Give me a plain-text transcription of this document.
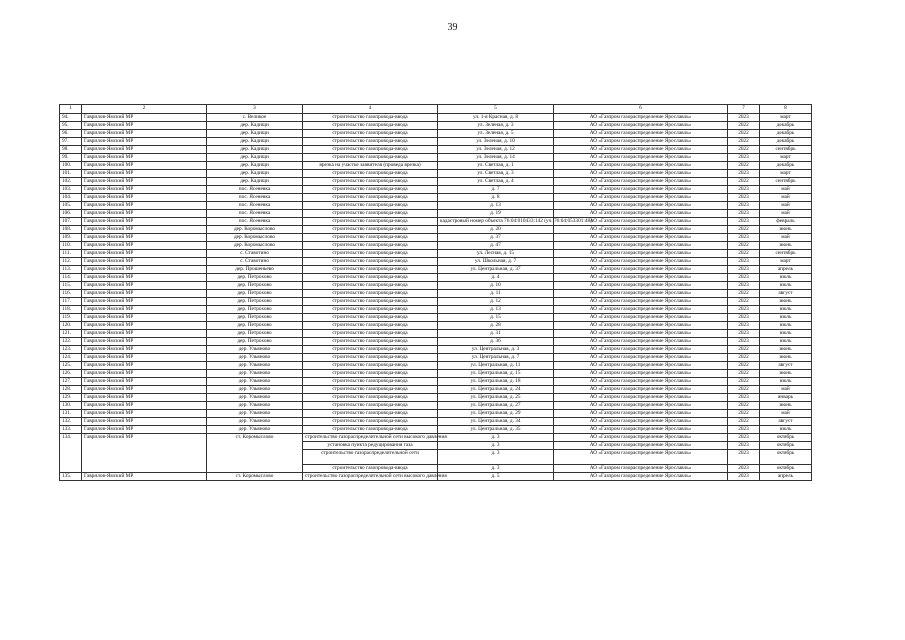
39
1	2	3	4	5	6	7	8
94.	Гаврилов-Ямский МР	с. Великое	строительство газопровода-ввода	ул. 1-я Красная, д. 8	АО «Газпром газораспределение Ярославль»	2023	март
95.	Гаврилов-Ямский МР	дер. Кадищи	строительство газопровода-ввода	ул. Зеленая, д. 3	АО «Газпром газораспределение Ярославль»	2022	декабрь
96.	Гаврилов-Ямский МР	дер. Кадищи	строительство газопровода-ввода	ул. Зеленая, д. 5	АО «Газпром газораспределение Ярославль»	2022	декабрь
97.	Гаврилов-Ямский МР	дер. Кадищи	строительство газопровода-ввода	ул. Зеленая, д. 10	АО «Газпром газораспределение Ярославль»	2022	декабрь
98.	Гаврилов-Ямский МР	дер. Кадищи	строительство газопровода-ввода	ул. Зеленая, д. 12	АО «Газпром газораспределение Ярославль»	2022	сентябрь
99.	Гаврилов-Ямский МР	дер. Кадищи	строительство газопровода-ввода	ул. Зеленая, д. 14	АО «Газпром газораспределение Ярославль»	2023	март
100.	Гаврилов-Ямский МР	дер. Кадищи	врезка на участке заявителя (проведа врезка)	ул. Светлая, д. 1	АО «Газпром газораспределение Ярославль»	2022	декабрь
101.	Гаврилов-Ямский МР	дер. Кадищи	строительство газопровода-ввода	ул. Светлая, д. 3	АО «Газпром газораспределение Ярославль»	2023	март
102.	Гаврилов-Ямский МР	дер. Кадищи	строительство газопровода-ввода	ул. Светлая, д. 4	АО «Газпром газораспределение Ярославль»	2022	сентябрь
103.	Гаврилов-Ямский МР	пос. Ясеневка	строительство газопровода-ввода	д. 7	АО «Газпром газораспределение Ярославль»	2023	май
104.	Гаврилов-Ямский МР	пос. Ясеневка	строительство газопровода-ввода	д. 8	АО «Газпром газораспределение Ярославль»	2023	май
105.	Гаврилов-Ямский МР	пос. Ясеневка	строительство газопровода-ввода	д. 13	АО «Газпром газораспределение Ярославль»	2023	май
106.	Гаврилов-Ямский МР	пос. Ясеневка	строительство газопровода-ввода	д. 19	АО «Газпром газораспределение Ярославль»	2023	май
107.	Гаврилов-Ямский МР	пос. Ясеневка	строительство газопровода-ввода	кадастровый номер объекта 76:04:010433:142 (уч. 76:04:053301:48)	АО «Газпром газораспределение Ярославль»	2023	февраль
108.	Гаврилов-Ямский МР	дер. Коромыслово	строительство газопровода-ввода	д. 20	АО «Газпром газораспределение Ярославль»	2022	июнь
109.	Гаврилов-Ямский МР	дер. Коромыслово	строительство газопровода-ввода	д. 37	АО «Газпром газораспределение Ярославль»	2023	май
110.	Гаврилов-Ямский МР	дер. Коромыслово	строительство газопровода-ввода	д. 47	АО «Газпром газораспределение Ярославль»	2022	июнь
111.	Гаврилов-Ямский МР	с. Ставотино	строительство газопровода-ввода	ул. Лесная, д. 15	АО «Газпром газораспределение Ярославль»	2022	сентябрь
112.	Гаврилов-Ямский МР	с. Ставотино	строительство газопровода-ввода	ул. Школьная, д. 7	АО «Газпром газораспределение Ярославль»	2023	март
113.	Гаврилов-Ямский МР	дер. Прошеньево	строительство газопровода-ввода	ул. Центральная, д. 37	АО «Газпром газораспределение Ярославль»	2023	апрель
114.	Гаврилов-Ямский МР	дер. Петрохово	строительство газопровода-ввода	д. 4	АО «Газпром газораспределение Ярославль»	2023	июль
115.	Гаврилов-Ямский МР	дер. Петрохово	строительство газопровода-ввода	д. 10	АО «Газпром газораспределение Ярославль»	2023	июль
116.	Гаврилов-Ямский МР	дер. Петрохово	строительство газопровода-ввода	д. 11	АО «Газпром газораспределение Ярославль»	2022	август
117.	Гаврилов-Ямский МР	дер. Петрохово	строительство газопровода-ввода	д. 12	АО «Газпром газораспределение Ярославль»	2022	июнь
118.	Гаврилов-Ямский МР	дер. Петрохово	строительство газопровода-ввода	д. 13	АО «Газпром газораспределение Ярославль»	2023	июль
119.	Гаврилов-Ямский МР	дер. Петрохово	строительство газопровода-ввода	д. 15	АО «Газпром газораспределение Ярославль»	2023	июль
120.	Гаврилов-Ямский МР	дер. Петрохово	строительство газопровода-ввода	д. 28	АО «Газпром газораспределение Ярославль»	2023	июль
121.	Гаврилов-Ямский МР	дер. Петрохово	строительство газопровода-ввода	д. 31	АО «Газпром газораспределение Ярославль»	2023	июль
122.	Гаврилов-Ямский МР	дер. Петрохово	строительство газопровода-ввода	д. 36	АО «Газпром газораспределение Ярославль»	2023	июль
123.	Гаврилов-Ямский МР	дер. Ульяново	строительство газопровода-ввода	ул. Центральная, д. 3	АО «Газпром газораспределение Ярославль»	2022	июнь
124.	Гаврилов-Ямский МР	дер. Ульяново	строительство газопровода-ввода	ул. Центральная, д. 7	АО «Газпром газораспределение Ярославль»	2022	июнь
125.	Гаврилов-Ямский МР	дер. Ульяново	строительство газопровода-ввода	ул. Центральная, д. 11	АО «Газпром газораспределение Ярославль»	2022	август
126.	Гаврилов-Ямский МР	дер. Ульяново	строительство газопровода-ввода	ул. Центральная, д. 15	АО «Газпром газораспределение Ярославль»	2022	июнь
127.	Гаврилов-Ямский МР	дер. Ульяново	строительство газопровода-ввода	ул. Центральная, д. 18	АО «Газпром газораспределение Ярославль»	2022	июль
128.	Гаврилов-Ямский МР	дер. Ульяново	строительство газопровода-ввода	ул. Центральная, д. 24	АО «Газпром газораспределение Ярославль»	2022	май
129.	Гаврилов-Ямский МР	дер. Ульяново	строительство газопровода-ввода	ул. Центральная, д. 25	АО «Газпром газораспределение Ярославль»	2023	январь
130.	Гаврилов-Ямский МР	дер. Ульяново	строительство газопровода-ввода	ул. Центральная, д. 27	АО «Газпром газораспределение Ярославль»	2022	июнь
131.	Гаврилов-Ямский МР	дер. Ульяново	строительство газопровода-ввода	ул. Центральная, д. 29	АО «Газпром газораспределение Ярославль»	2022	май
132.	Гаврилов-Ямский МР	дер. Ульяново	строительство газопровода-ввода	ул. Центральная, д. 34	АО «Газпром газораспределение Ярославль»	2022	август
133.	Гаврилов-Ямский МР	дер. Ульяново	строительство газопровода-ввода	ул. Центральная, д. 35	АО «Газпром газораспределение Ярославль»	2023	июль
134.	Гаврилов-Ямский МР	ст. Коромыслово	строительство газораспределительной сети высокого давления	д. 3	АО «Газпром газораспределение Ярославль»	2023	октябрь
			установка пункта редуцирования газа	д. 3	АО «Газпром газораспределение Ярославль»	2023	октябрь
			строительство газораспределительной сети	д. 3	АО «Газпром газораспределение Ярославль»	2023	октябрь
			строительство газопровода-ввода	д. 3	АО «Газпром газораспределение Ярославль»	2023	октябрь
135.	Гаврилов-Ямский МР	ст. Коромыслово	строительство газораспределительной сети высокого давления	д. 5	АО «Газпром газораспределение Ярославль»	2023	апрель
